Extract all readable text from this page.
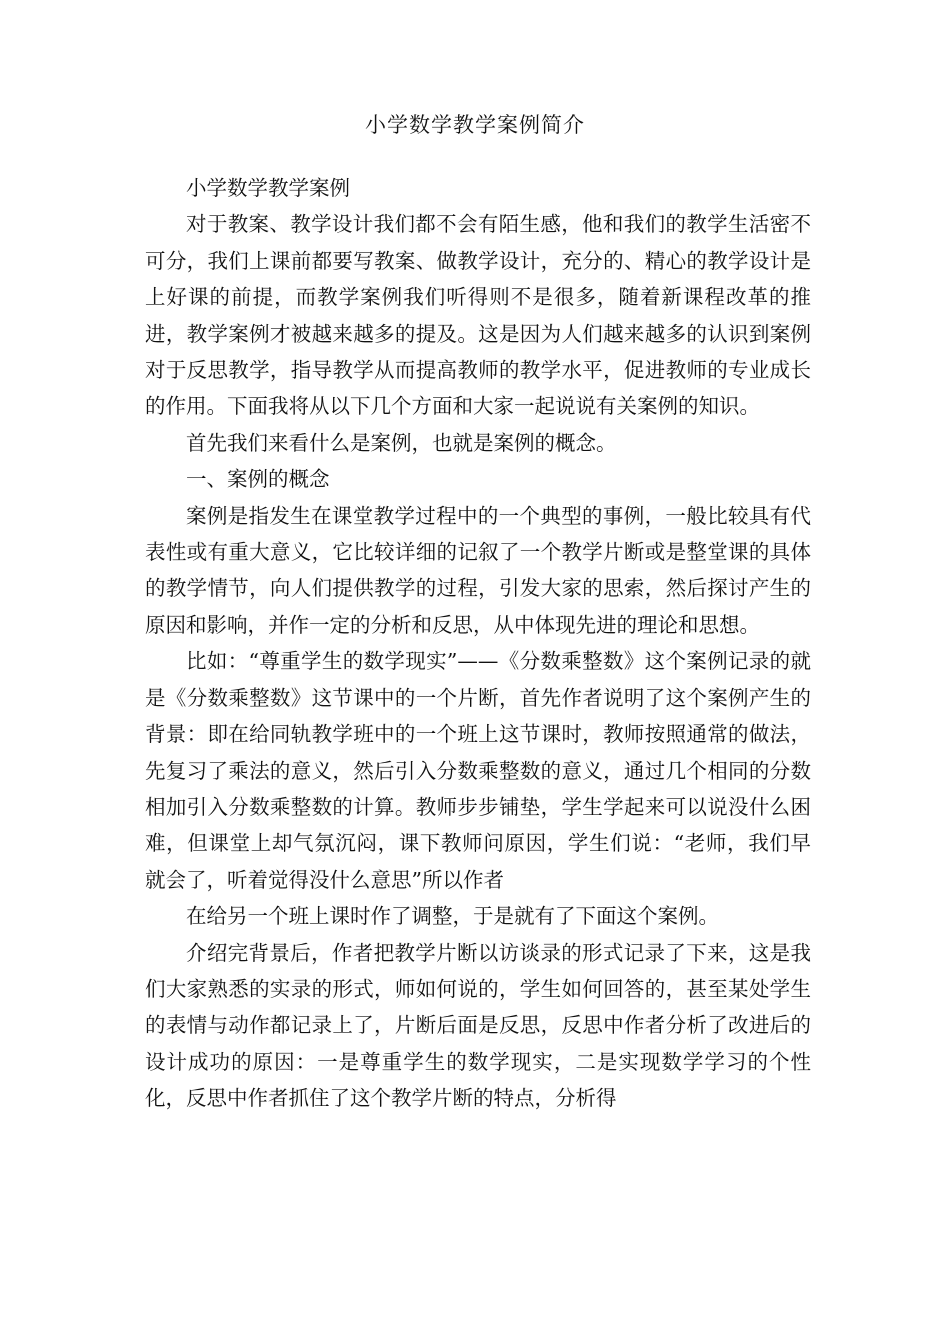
小学数学教学案例简介

小学数学教学案例

对于教案、教学设计我们都不会有陌生感，他和我们的教学生活密不可分，我们上课前都要写教案、做教学设计，充分的、精心的教学设计是上好课的前提，而教学案例我们听得则不是很多，随着新课程改革的推进，教学案例才被越来越多的提及。这是因为人们越来越多的认识到案例对于反思教学，指导教学从而提高教师的教学水平，促进教师的专业成长的作用。下面我将从以下几个方面和大家一起说说有关案例的知识。

首先我们来看什么是案例，也就是案例的概念。

一、案例的概念

案例是指发生在课堂教学过程中的一个典型的事例，一般比较具有代表性或有重大意义，它比较详细的记叙了一个教学片断或是整堂课的具体的教学情节，向人们提供教学的过程，引发大家的思索，然后探讨产生的原因和影响，并作一定的分析和反思，从中体现先进的理论和思想。

比如：“尊重学生的数学现实”——《分数乘整数》这个案例记录的就是《分数乘整数》这节课中的一个片断，首先作者说明了这个案例产生的背景：即在给同轨教学班中的一个班上这节课时，教师按照通常的做法，先复习了乘法的意义，然后引入分数乘整数的意义，通过几个相同的分数相加引入分数乘整数的计算。教师步步铺垫，学生学起来可以说没什么困难，但课堂上却气氛沉闷，课下教师问原因，学生们说：“老师，我们早就会了，听着觉得没什么意思”所以作者

在给另一个班上课时作了调整，于是就有了下面这个案例。

介绍完背景后，作者把教学片断以访谈录的形式记录了下来，这是我们大家熟悉的实录的形式，师如何说的，学生如何回答的，甚至某处学生的表情与动作都记录上了，片断后面是反思，反思中作者分析了改进后的设计成功的原因：一是尊重学生的数学现实，二是实现数学学习的个性化，反思中作者抓住了这个教学片断的特点，分析得
